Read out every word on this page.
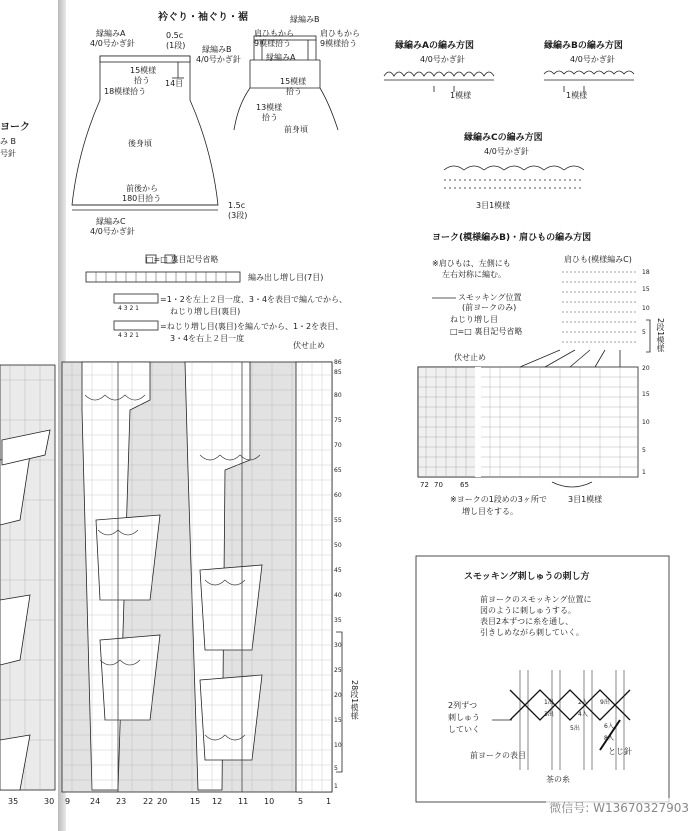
ヨーク
み B
号針
35	30
衿ぐり・袖ぐり・裾
縁編みA
4/0号かぎ針
0.5c
(1段) 縁編みB
4/0号かぎ針
15模様
拾う 14目
18模様拾う
後身頃
前後から
180目拾う
1.5c
(3段)
縁編みC
4/0号かぎ針
縁編みB
肩ひもから	肩ひもから
9模様拾う	9模様拾う
縁編みA
15模様
拾う
13模様
拾う
前身頃
□=□ 裏目記号省略
編み出し増し目(7目)
=1・2を左上２目一度、3・4を表目で編んでから、
ねじり増し目(裏目)
4 3 2 1
=ねじり増し目(裏目)を編んでから、1・2を表目、
3・4を右上２目一度
4 3 2 1
伏せ止め
28段1模様
86
85
80
75
70
65
60
55
50
45
40
35
30
25
20
15
10
5
1
9 24 23 22 20	15 12 11 10	5	1
縁編みAの編み方図
4/0号かぎ針
1模様
縁編みBの編み方図
4/0号かぎ針
1模様
縁編みCの編み方図
4/0号かぎ針
3目1模様
ヨーク(模様編みB)・肩ひもの編み方図
※肩ひもは、左側にも
左右対称に編む。
肩ひも(模様編みC)
スモッキング位置
(前ヨークのみ)
ねじり増し目
□=□ 裏目記号省略
伏せ止め
2段1模様
18
15
10
5
20
15
10
5
1
72 70 65
※ヨークの1段めの3ヶ所で
増し目をする。
3目1模様
スモッキング刺しゅうの刺し方
前ヨークのスモッキング位置に
図のように刺しゅうする。
表目2本ずつに糸を通し、
引きしめながら刺していく。
2列ずつ
刺しゅう
していく
前ヨークの表目	とじ針
茶の糸
1出
3出
2入
4入
5出	6入
8入
9出
微信号: W13670327903
